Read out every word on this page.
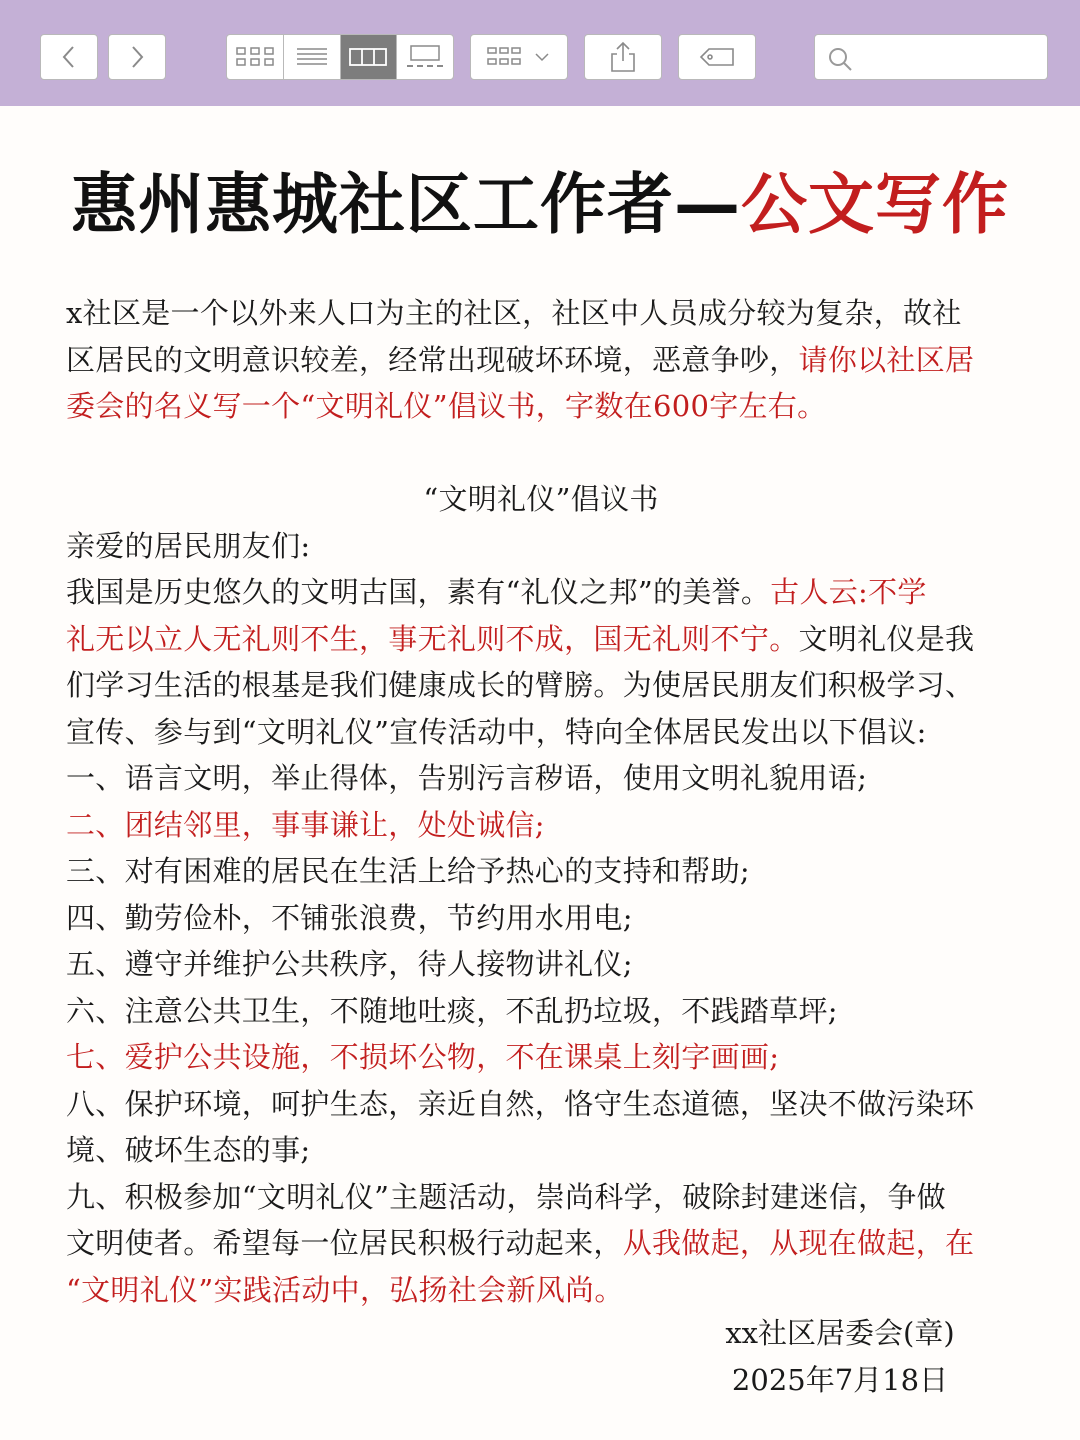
惠州惠城社区工作者—公文写作

x社区是一个以外来人口为主的社区，社区中人员成分较为复杂，故社

区居民的文明意识较差，经常出现破坏环境，恶意争吵，请你以社区居

委会的名义写一个“文明礼仪”倡议书，字数在600字左右。

“文明礼仪”倡议书

亲爱的居民朋友们:

我国是历史悠久的文明古国，素有“礼仪之邦”的美誉。古人云:不学

礼无以立人无礼则不生，事无礼则不成，国无礼则不宁。文明礼仪是我

们学习生活的根基是我们健康成长的臂膀。为使居民朋友们积极学习、

宣传、参与到“文明礼仪”宣传活动中，特向全体居民发出以下倡议:

一、语言文明，举止得体，告别污言秽语，使用文明礼貌用语;

二、团结邻里，事事谦让，处处诚信;

三、对有困难的居民在生活上给予热心的支持和帮助;

四、勤劳俭朴，不铺张浪费，节约用水用电;

五、遵守并维护公共秩序，待人接物讲礼仪;

六、注意公共卫生，不随地吐痰，不乱扔垃圾，不践踏草坪;

七、爱护公共设施，不损坏公物，不在课桌上刻字画画;

八、保护环境，呵护生态，亲近自然，恪守生态道德，坚决不做污染环

境、破坏生态的事;

九、积极参加“文明礼仪”主题活动，崇尚科学，破除封建迷信，争做

文明使者。希望每一位居民积极行动起来，从我做起，从现在做起，在

“文明礼仪”实践活动中，弘扬社会新风尚。

xx社区居委会(章)
2025年7月18日
